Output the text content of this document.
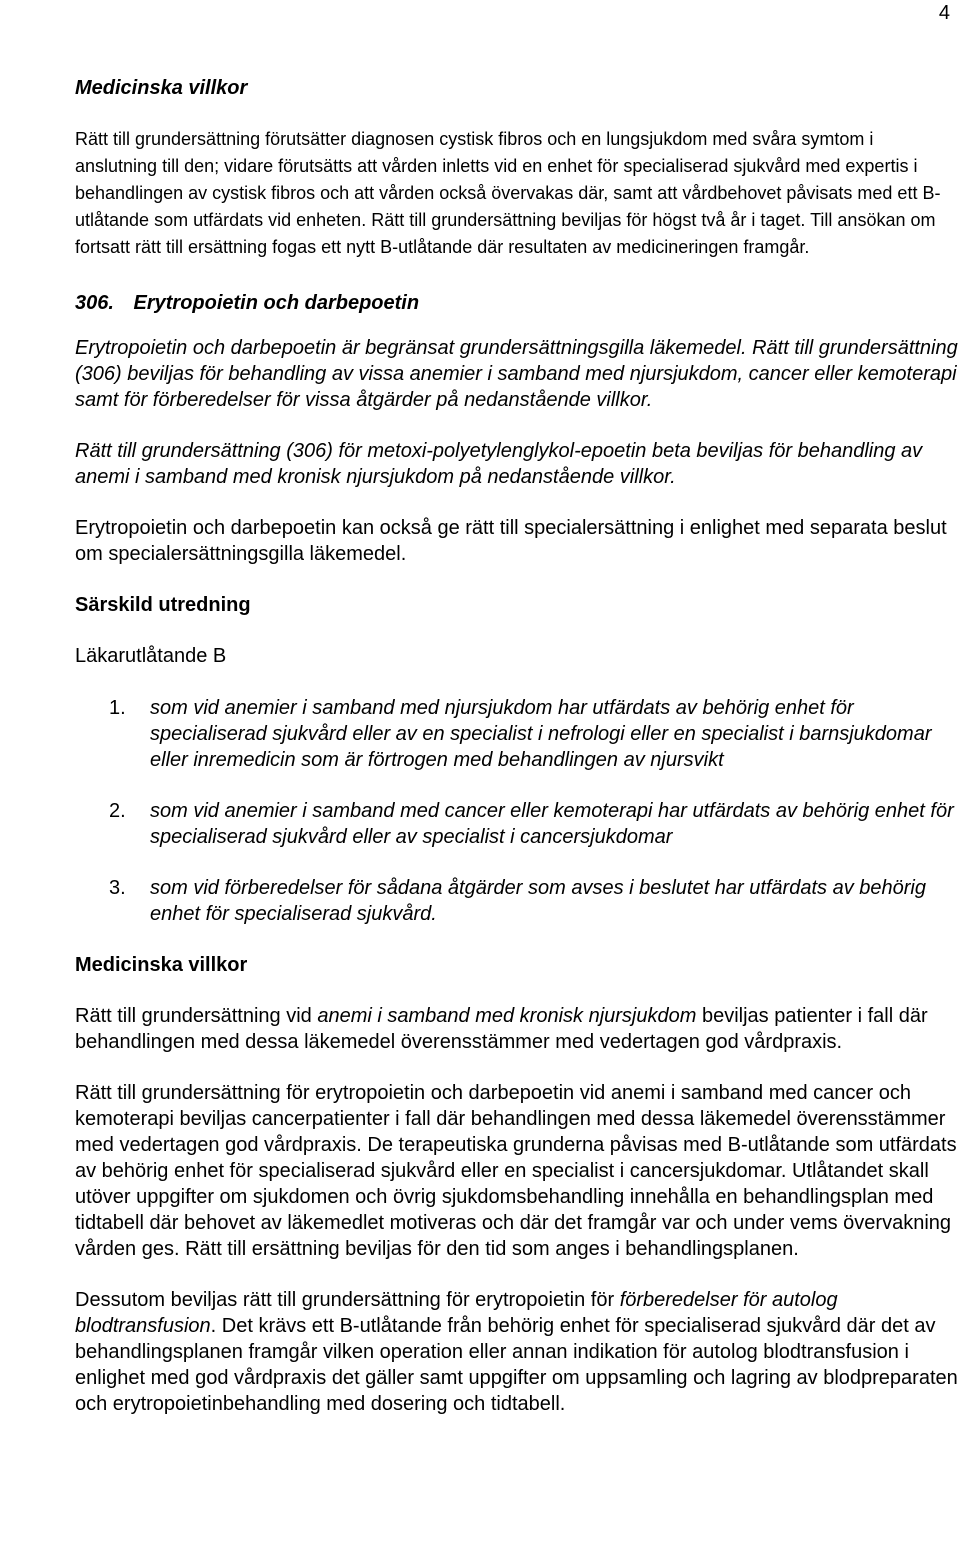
4

Medicinska villkor

Rätt till grundersättning förutsätter diagnosen cystisk fibros och en lungsjukdom med svåra symtom i anslutning till den; vidare förutsätts att vården inletts vid en enhet för specialiserad sjukvård med expertis i behandlingen av cystisk fibros och att vården också övervakas där, samt att vårdbehovet påvisats med ett B-utlåtande som utfärdats vid enheten. Rätt till grundersättning beviljas för högst två år i taget. Till ansökan om fortsatt rätt till ersättning fogas ett nytt B-utlåtande där resultaten av medicineringen framgår.

306. Erytropoietin och darbepoetin

Erytropoietin och darbepoetin är begränsat grundersättningsgilla läkemedel. Rätt till grundersättning (306) beviljas för behandling av vissa anemier i samband med njursjukdom, cancer eller kemoterapi samt för förberedelser för vissa åtgärder på nedanstående villkor.

Rätt till grundersättning (306) för metoxi-polyetylenglykol-epoetin beta beviljas för behandling av anemi i samband med kronisk njursjukdom på nedanstående villkor.

Erytropoietin och darbepoetin kan också ge rätt till specialersättning i enlighet med separata beslut om specialersättningsgilla läkemedel.

Särskild utredning

Läkarutlåtande B

1. som vid anemier i samband med njursjukdom har utfärdats av behörig enhet för specialiserad sjukvård eller av en specialist i nefrologi eller en specialist i barnsjukdomar eller inremedicin som är förtrogen med behandlingen av njursvikt
2. som vid anemier i samband med cancer eller kemoterapi har utfärdats av behörig enhet för specialiserad sjukvård eller av specialist i cancersjukdomar
3. som vid förberedelser för sådana åtgärder som avses i beslutet har utfärdats av behörig enhet för specialiserad sjukvård.

Medicinska villkor

Rätt till grundersättning vid anemi i samband med kronisk njursjukdom beviljas patienter i fall där behandlingen med dessa läkemedel överensstämmer med vedertagen god vårdpraxis.

Rätt till grundersättning för erytropoietin och darbepoetin vid anemi i samband med cancer och kemoterapi beviljas cancerpatienter i fall där behandlingen med dessa läkemedel överensstämmer med vedertagen god vårdpraxis. De terapeutiska grunderna påvisas med B-utlåtande som utfärdats av behörig enhet för specialiserad sjukvård eller en specialist i cancersjukdomar. Utlåtandet skall utöver uppgifter om sjukdomen och övrig sjukdomsbehandling innehålla en behandlingsplan med tidtabell där behovet av läkemedlet motiveras och där det framgår var och under vems övervakning vården ges. Rätt till ersättning beviljas för den tid som anges i behandlingsplanen.

Dessutom beviljas rätt till grundersättning för erytropoietin för förberedelser för autolog blodtransfusion. Det krävs ett B-utlåtande från behörig enhet för specialiserad sjukvård där det av behandlingsplanen framgår vilken operation eller annan indikation för autolog blodtransfusion i enlighet med god vårdpraxis det gäller samt uppgifter om uppsamling och lagring av blodpreparaten och erytropoietinbehandling med dosering och tidtabell.
